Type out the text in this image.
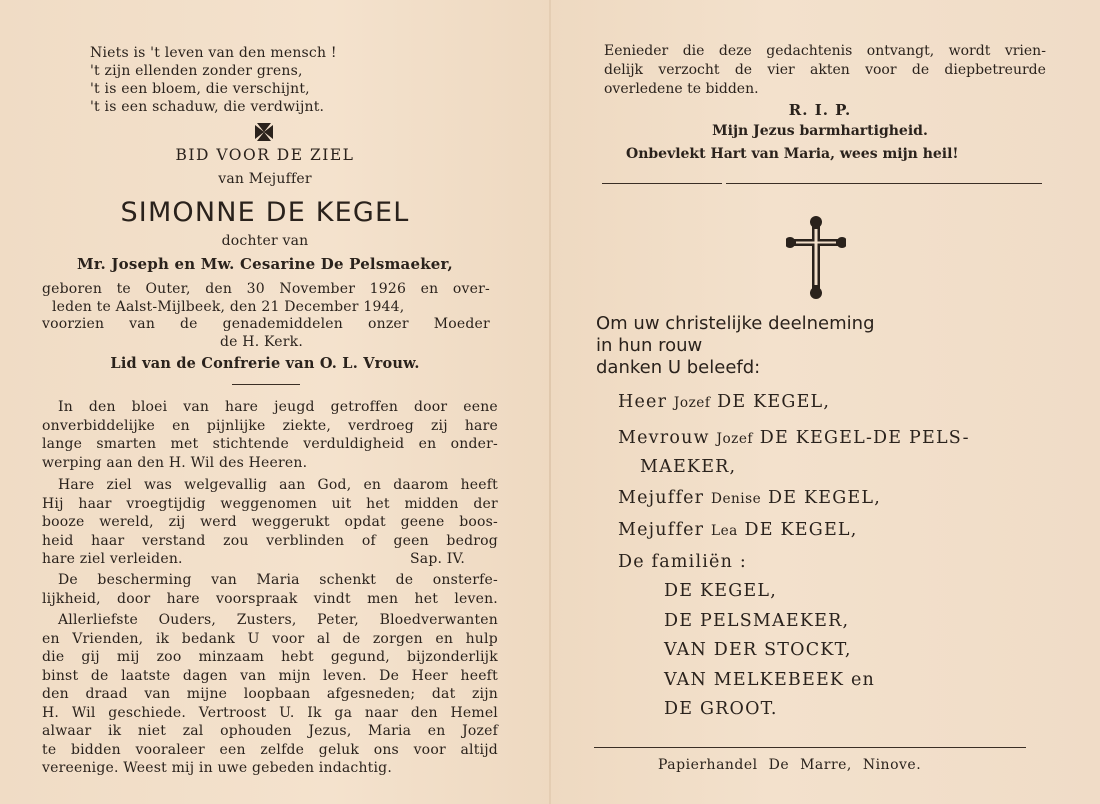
Niets is 't leven van den mensch !
't zijn ellenden zonder grens,
't is een bloem, die verschijnt,
't is een schaduw, die verdwijnt.
BID VOOR DE ZIEL
van Mejuffer
SIMONNE DE KEGEL
dochter van
Mr. Joseph en Mw. Cesarine De Pelsmaeker,
geboren te Outer, den 30 November 1926 en over-
leden te Aalst-Mijlbeek, den 21 December 1944,
voorzien van de genademiddelen onzer Moeder
de H. Kerk.
Lid van de Confrerie van O. L. Vrouw.
In den bloei van hare jeugd getroffen door eene
onverbiddelijke en pijnlijke ziekte, verdroeg zij hare
lange smarten met stichtende verduldigheid en onder-
werping aan den H. Wil des Heeren.
Hare ziel was welgevallig aan God, en daarom heeft
Hij haar vroegtijdig weggenomen uit het midden der
booze wereld, zij werd weggerukt opdat geene boos-
heid haar verstand zou verblinden of geen bedrog
hare ziel verleiden.	Sap. IV.
De bescherming van Maria schenkt de onsterfe-
lijkheid, door hare voorspraak vindt men het leven.
Allerliefste Ouders, Zusters, Peter, Bloedverwanten
en Vrienden, ik bedank U voor al de zorgen en hulp
die gij mij zoo minzaam hebt gegund, bijzonderlijk
binst de laatste dagen van mijn leven. De Heer heeft
den draad van mijne loopbaan afgesneden; dat zijn
H. Wil geschiede. Vertroost U. Ik ga naar den Hemel
alwaar ik niet zal ophouden Jezus, Maria en Jozef
te bidden vooraleer een zelfde geluk ons voor altijd
vereenige. Weest mij in uwe gebeden indachtig.
Eenieder die deze gedachtenis ontvangt, wordt vrien-
delijk verzocht de vier akten voor de diepbetreurde
overledene te bidden.
R. I. P.
Mijn Jezus barmhartigheid.
Onbevlekt Hart van Maria, wees mijn heil!
Om uw christelijke deelneming
in hun rouw
danken U beleefd:
Heer Jozef DE KEGEL,
Mevrouw Jozef DE KEGEL-DE PELS-
MAEKER,
Mejuffer Denise DE KEGEL,
Mejuffer Lea DE KEGEL,
De familiën :
DE KEGEL,
DE PELSMAEKER,
VAN DER STOCKT,
VAN MELKEBEEK en
DE GROOT.
Papierhandel De Marre, Ninove.
